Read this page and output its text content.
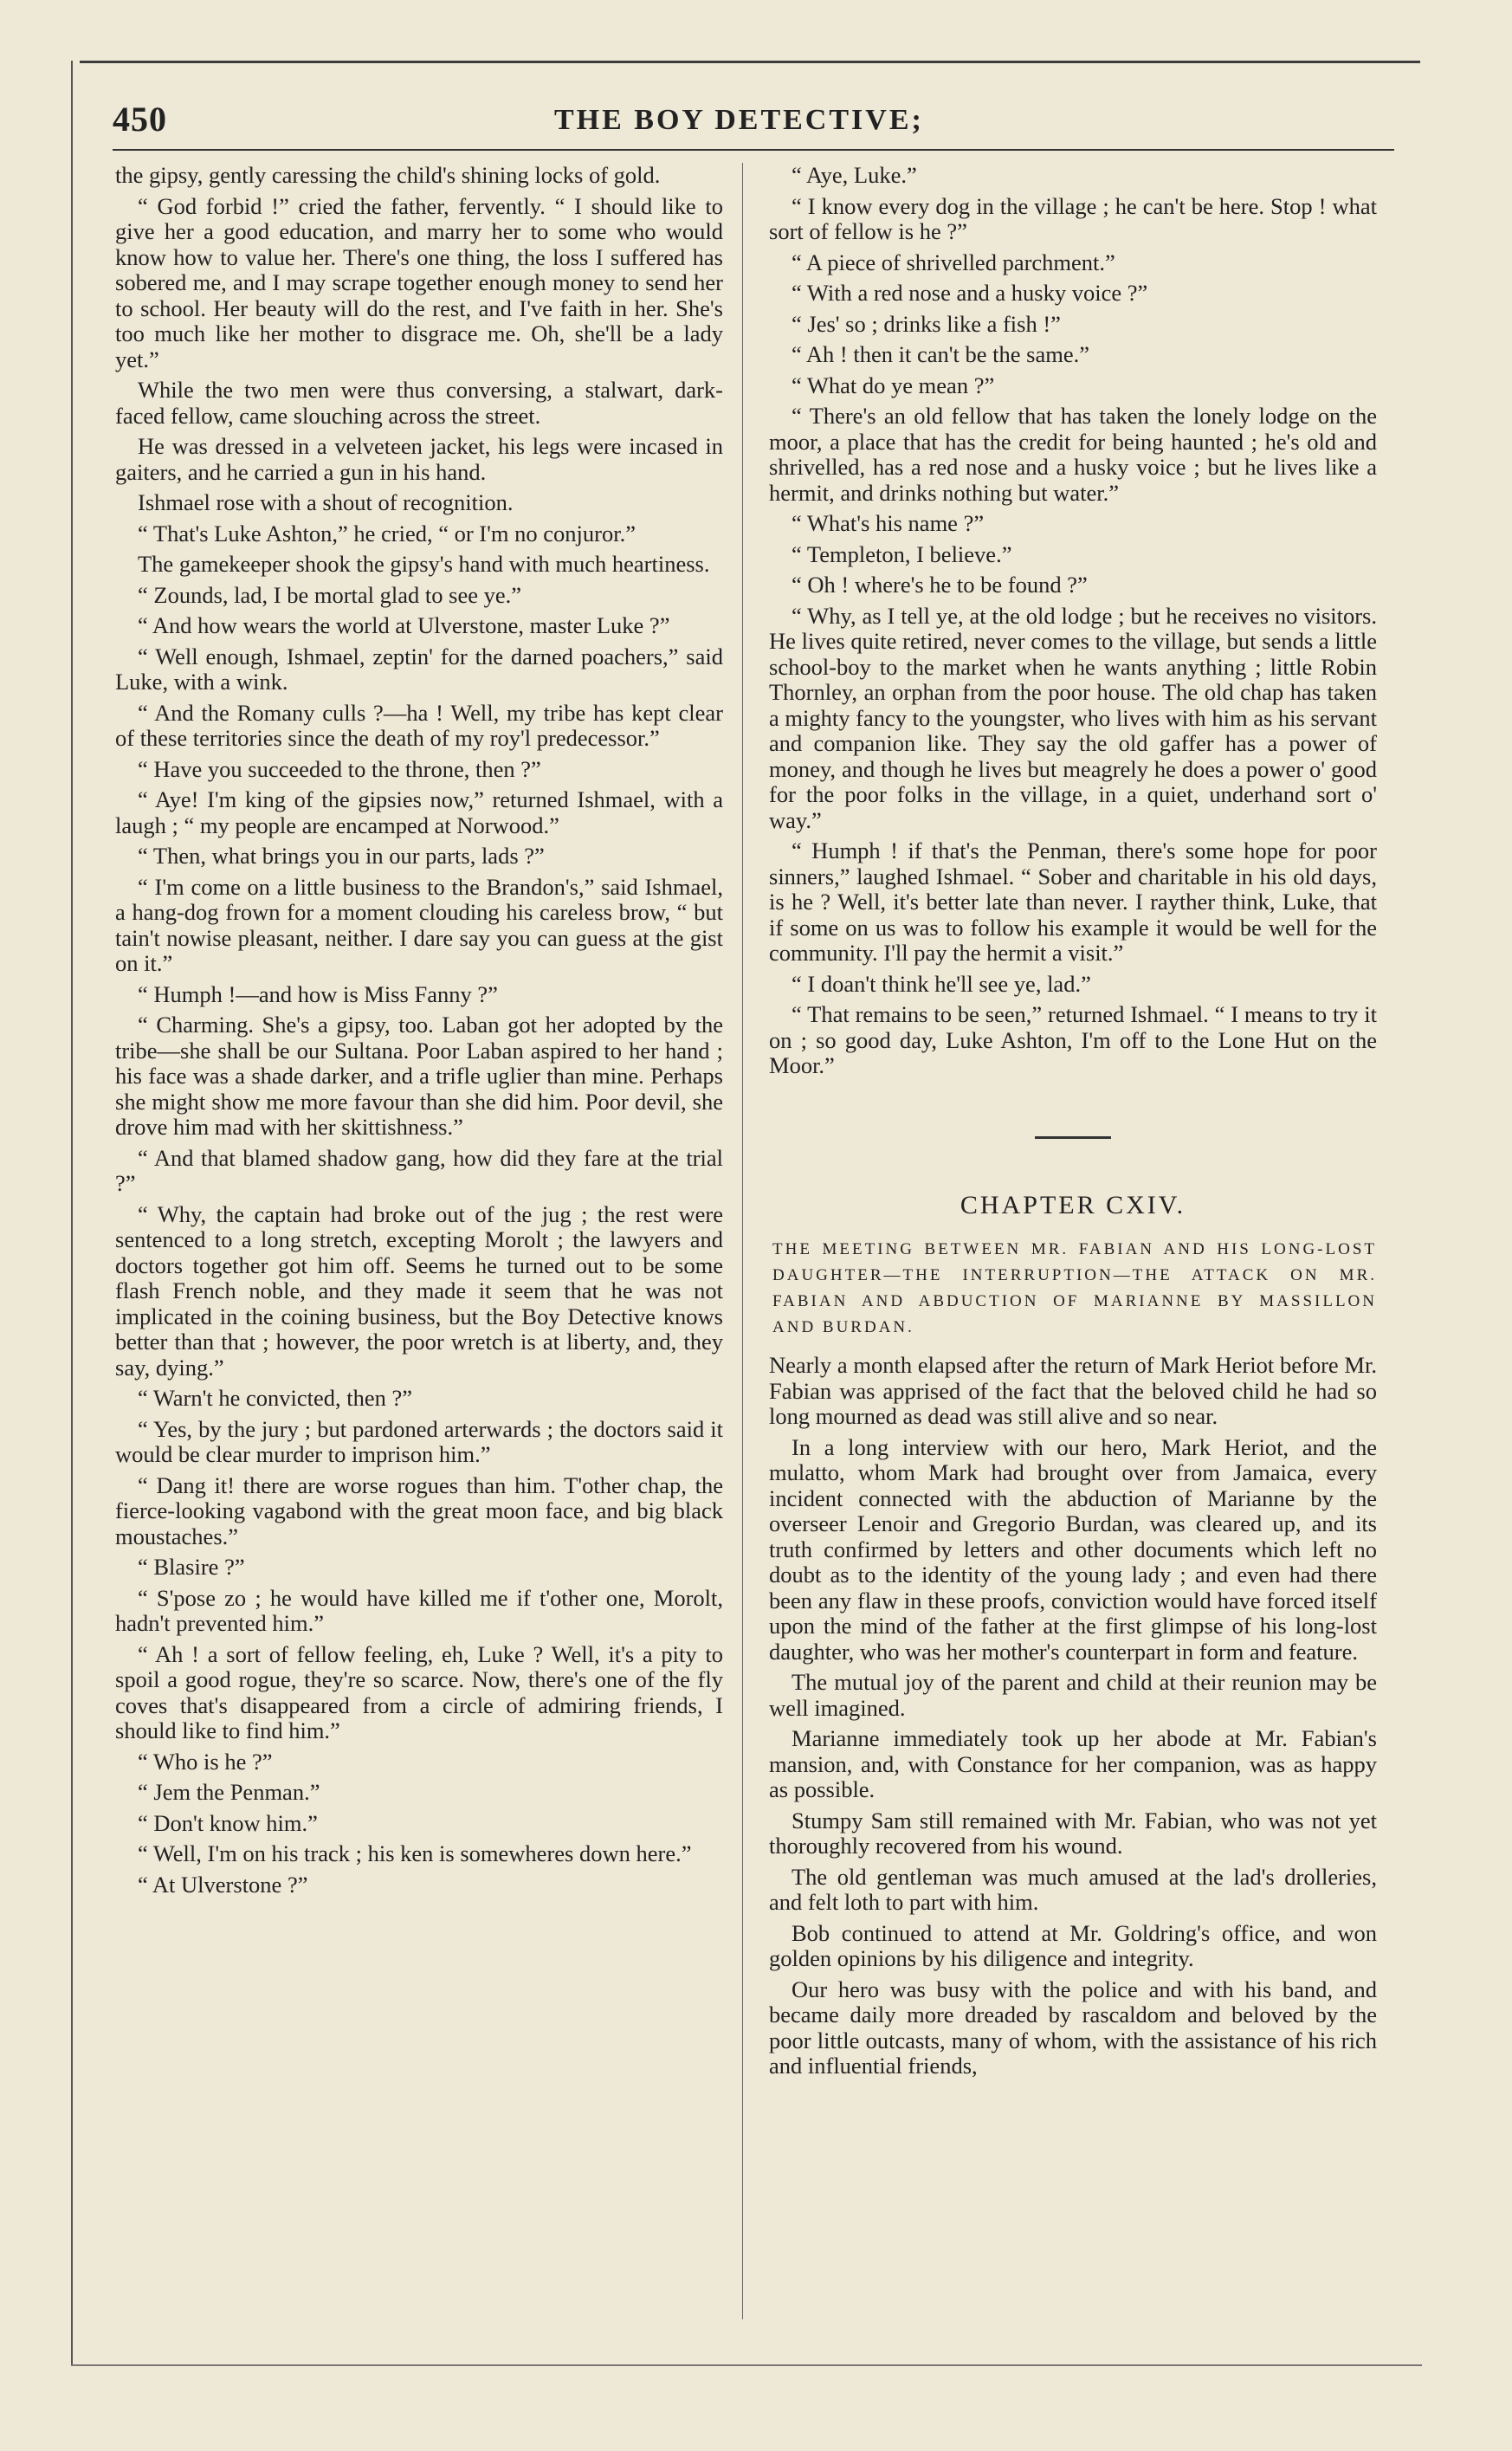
450	THE BOY DETECTIVE;

the gipsy, gently caressing the child's shining locks of gold.

“ God forbid !” cried the father, fervently. “ I should like to give her a good education, and marry her to some who would know how to value her. There's one thing, the loss I suffered has sobered me, and I may scrape together enough money to send her to school. Her beauty will do the rest, and I've faith in her. She's too much like her mother to disgrace me. Oh, she'll be a lady yet.”

While the two men were thus conversing, a stalwart, dark-faced fellow, came slouching across the street.

He was dressed in a velveteen jacket, his legs were incased in gaiters, and he carried a gun in his hand.

Ishmael rose with a shout of recognition.

“ That's Luke Ashton,” he cried, “ or I'm no conjuror.”

The gamekeeper shook the gipsy's hand with much heartiness.

“ Zounds, lad, I be mortal glad to see ye.”

“ And how wears the world at Ulverstone, master Luke ?”

“ Well enough, Ishmael, zeptin' for the darned poachers,” said Luke, with a wink.

“ And the Romany culls ?—ha ! Well, my tribe has kept clear of these territories since the death of my roy'l predecessor.”

“ Have you succeeded to the throne, then ?”

“ Aye! I'm king of the gipsies now,” returned Ishmael, with a laugh ; “ my people are encamped at Norwood.”

“ Then, what brings you in our parts, lads ?”

“ I'm come on a little business to the Brandon's,” said Ishmael, a hang-dog frown for a moment clouding his careless brow, “ but tain't nowise pleasant, neither. I dare say you can guess at the gist on it.”

“ Humph !—and how is Miss Fanny ?”

“ Charming. She's a gipsy, too. Laban got her adopted by the tribe—she shall be our Sultana. Poor Laban aspired to her hand ; his face was a shade darker, and a trifle uglier than mine. Perhaps she might show me more favour than she did him. Poor devil, she drove him mad with her skittishness.”

“ And that blamed shadow gang, how did they fare at the trial ?”

“ Why, the captain had broke out of the jug ; the rest were sentenced to a long stretch, excepting Morolt ; the lawyers and doctors together got him off. Seems he turned out to be some flash French noble, and they made it seem that he was not implicated in the coining business, but the Boy Detective knows better than that ; however, the poor wretch is at liberty, and, they say, dying.”

“ Warn't he convicted, then ?”

“ Yes, by the jury ; but pardoned arterwards ; the doctors said it would be clear murder to imprison him.”

“ Dang it! there are worse rogues than him. T'other chap, the fierce-looking vagabond with the great moon face, and big black moustaches.”

“ Blasire ?”

“ S'pose zo ; he would have killed me if t'other one, Morolt, hadn't prevented him.”

“ Ah ! a sort of fellow feeling, eh, Luke ? Well, it's a pity to spoil a good rogue, they're so scarce. Now, there's one of the fly coves that's disappeared from a circle of admiring friends, I should like to find him.”

“ Who is he ?”

“ Jem the Penman.”

“ Don't know him.”

“ Well, I'm on his track ; his ken is somewheres down here.”

“ At Ulverstone ?”

“ Aye, Luke.”

“ I know every dog in the village ; he can't be here. Stop ! what sort of fellow is he ?”

“ A piece of shrivelled parchment.”

“ With a red nose and a husky voice ?”

“ Jes' so ; drinks like a fish !”

“ Ah ! then it can't be the same.”

“ What do ye mean ?”

“ There's an old fellow that has taken the lonely lodge on the moor, a place that has the credit for being haunted ; he's old and shrivelled, has a red nose and a husky voice ; but he lives like a hermit, and drinks nothing but water.”

“ What's his name ?”

“ Templeton, I believe.”

“ Oh ! where's he to be found ?”

“ Why, as I tell ye, at the old lodge ; but he receives no visitors. He lives quite retired, never comes to the village, but sends a little school-boy to the market when he wants anything ; little Robin Thornley, an orphan from the poor house. The old chap has taken a mighty fancy to the youngster, who lives with him as his servant and companion like. They say the old gaffer has a power of money, and though he lives but meagrely he does a power o' good for the poor folks in the village, in a quiet, underhand sort o' way.”

“ Humph ! if that's the Penman, there's some hope for poor sinners,” laughed Ishmael. “ Sober and charitable in his old days, is he ? Well, it's better late than never. I rayther think, Luke, that if some on us was to follow his example it would be well for the community. I'll pay the hermit a visit.”

“ I doan't think he'll see ye, lad.”

“ That remains to be seen,” returned Ishmael. “ I means to try it on ; so good day, Luke Ashton, I'm off to the Lone Hut on the Moor.”

CHAPTER CXIV.
THE MEETING BETWEEN MR. FABIAN AND HIS LONG-LOST DAUGHTER—THE INTERRUPTION—THE ATTACK ON MR. FABIAN AND ABDUCTION OF MARIANNE BY MASSILLON AND BURDAN.

Nearly a month elapsed after the return of Mark Heriot before Mr. Fabian was apprised of the fact that the beloved child he had so long mourned as dead was still alive and so near.

In a long interview with our hero, Mark Heriot, and the mulatto, whom Mark had brought over from Jamaica, every incident connected with the abduction of Marianne by the overseer Lenoir and Gregorio Burdan, was cleared up, and its truth confirmed by letters and other documents which left no doubt as to the identity of the young lady ; and even had there been any flaw in these proofs, conviction would have forced itself upon the mind of the father at the first glimpse of his long-lost daughter, who was her mother's counterpart in form and feature.

The mutual joy of the parent and child at their reunion may be well imagined.

Marianne immediately took up her abode at Mr. Fabian's mansion, and, with Constance for her companion, was as happy as possible.

Stumpy Sam still remained with Mr. Fabian, who was not yet thoroughly recovered from his wound.

The old gentleman was much amused at the lad's drolleries, and felt loth to part with him.

Bob continued to attend at Mr. Goldring's office, and won golden opinions by his diligence and integrity.

Our hero was busy with the police and with his band, and became daily more dreaded by rascaldom and beloved by the poor little outcasts, many of whom, with the assistance of his rich and influential friends,
